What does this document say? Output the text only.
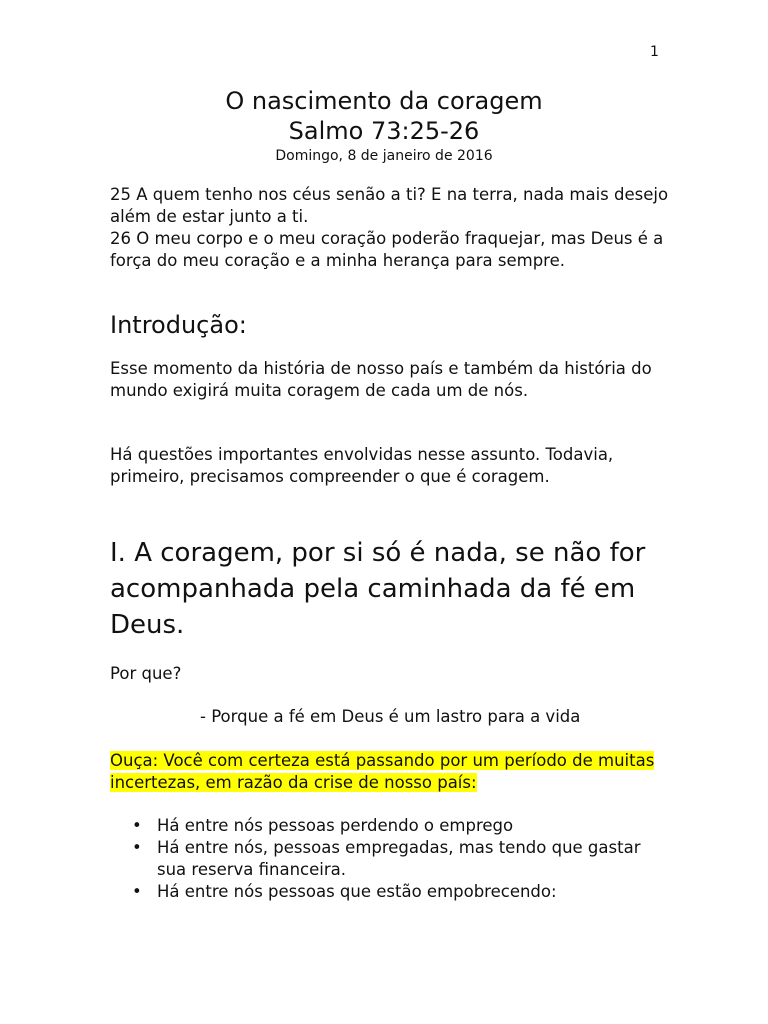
1
O nascimento da coragem
Salmo 73:25-26
Domingo, 8 de janeiro de 2016

25 A quem tenho nos céus senão a ti? E na terra, nada mais desejo além de estar junto a ti.

26 O meu corpo e o meu coração poderão fraquejar, mas Deus é a força do meu coração e a minha herança para sempre.

Introdução:

Esse momento da história de nosso país e também da história do mundo exigirá muita coragem de cada um de nós.

Há questões importantes envolvidas nesse assunto. Todavia, primeiro, precisamos compreender o que é coragem.

I. A coragem, por si só é nada, se não for acompanhada pela caminhada da fé em Deus.

Por que?

- Porque a fé em Deus é um lastro para a vida

Ouça: Você com certeza está passando por um período de muitas incertezas, em razão da crise de nosso país:

• Há entre nós pessoas perdendo o emprego
• Há entre nós, pessoas empregadas, mas tendo que gastar sua reserva financeira.
• Há entre nós pessoas que estão empobrecendo:
